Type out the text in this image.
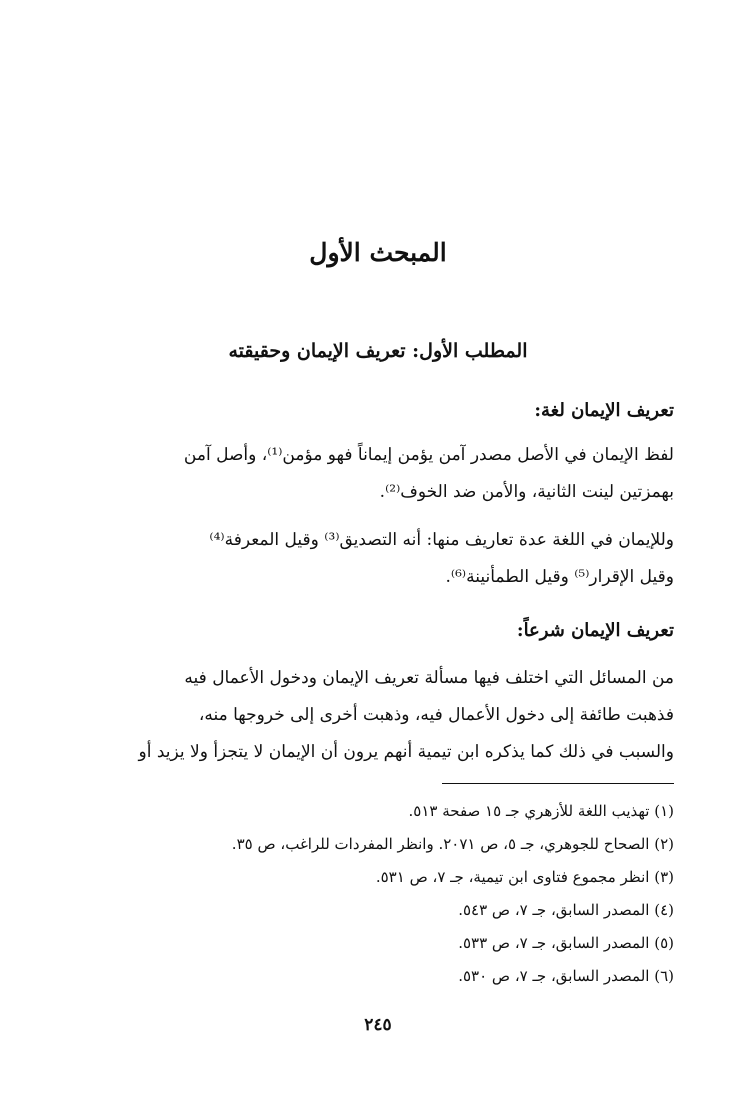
المبحث الأول
المطلب الأول: تعريف الإيمان وحقيقته
تعريف الإيمان لغة:
لفظ الإيمان في الأصل مصدر آمن يؤمن إيماناً فهو مؤمن⁽¹⁾، وأصل آمن
بهمزتين لينت الثانية، والأمن ضد الخوف⁽²⁾.
وللإيمان في اللغة عدة تعاريف منها: أنه التصديق⁽³⁾ وقيل المعرفة⁽⁴⁾
وقيل الإقرار⁽⁵⁾ وقيل الطمأنينة⁽⁶⁾.
تعريف الإيمان شرعاً:
من المسائل التي اختلف فيها مسألة تعريف الإيمان ودخول الأعمال فيه
فذهبت طائفة إلى دخول الأعمال فيه، وذهبت أخرى إلى خروجها منه،
والسبب في ذلك كما يذكره ابن تيمية أنهم يرون أن الإيمان لا يتجزأ ولا يزيد أو
(١) تهذيب اللغة للأزهري جـ ١٥ صفحة ٥١٣.
(٢) الصحاح للجوهري، جـ ٥، ص ٢٠٧١. وانظر المفردات للراغب، ص ٣٥.
(٣) انظر مجموع فتاوى ابن تيمية، جـ ٧، ص ٥٣١.
(٤) المصدر السابق، جـ ٧، ص ٥٤٣.
(٥) المصدر السابق، جـ ٧، ص ٥٣٣.
(٦) المصدر السابق، جـ ٧، ص ٥٣٠.
٢٤٥
